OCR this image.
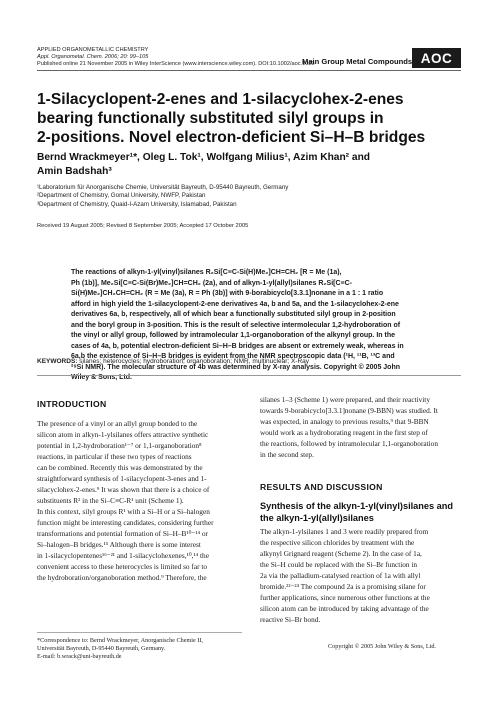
APPLIED ORGANOMETALLIC CHEMISTRY
Appl. Organometal. Chem. 2006; 20: 99–105
Published online 21 November 2005 in Wiley InterScience (www.interscience.wiley.com). DOI:10.1002/aoc.1020
Main Group Metal Compounds AOC
1-Silacyclopent-2-enes and 1-silacyclohex-2-enes
bearing functionally substituted silyl groups in
2-positions. Novel electron-deficient Si–H–B bridges
Bernd Wrackmeyer¹*, Oleg L. Tok¹, Wolfgang Milius¹, Azim Khan² and
Amin Badshah³
¹Laboratorium für Anorganische Chemie, Universität Bayreuth, D-95440 Bayreuth, Germany
²Department of Chemistry, Gomal University, NWFP, Pakistan
³Department of Chemistry, Quaid-I-Azam University, Islamabad, Pakistan
Received 19 August 2005; Revised 8 September 2005; Accepted 17 October 2005
The reactions of alkyn-1-yl(vinyl)silanes R₂Si[C≡C-Si(H)Me₂]CH=CH₂ [R = Me (1a),
Ph (1b)], Me₂Si[C≡C-Si(Br)Me₂]CH=CH₂ (2a), and of alkyn-1-yl(allyl)silanes R₂Si[C≡C-
Si(H)Me₂]CH₂CH=CH₂ (R = Me (3a), R = Ph (3b)] with 9-borabicyclo[3.3.1]nonane in a 1 : 1 ratio
afford in high yield the 1-silacyclopent-2-ene derivatives 4a, b and 5a, and the 1-silacyclohex-2-ene
derivatives 6a, b, respectively, all of which bear a functionally substituted silyl group in 2-position
and the boryl group in 3-position. This is the result of selective intermolecular 1,2-hydroboration of
the vinyl or allyl group, followed by intramolecular 1,1-organoboration of the alkynyl group. In the
cases of 4a, b, potential electron-deficient Si–H–B bridges are absent or extremely weak, whereas in
6a,b the existence of Si–H–B bridges is evident from the NMR spectroscopic data (¹H, ¹¹B, ¹³C and
²⁹Si NMR). The molecular structure of 4b was determined by X-ray analysis. Copyright © 2005 John
Wiley & Sons, Ltd.
KEYWORDS: silanes; heterocycles; hydroboration; organoboration; NMR, multinuclear; X-Ray
INTRODUCTION
The presence of a vinyl or an allyl group bonded to the
silicon atom in alkyn-1-ylsilanes offers attractive synthetic
potential in 1,2-hydroboration¹⁻⁷ or 1,1-organoboration⁸
reactions, in particular if these two types of reactions
can be combined. Recently this was demonstrated by the
straightforward synthesis of 1-silacyclopent-3-enes and 1-
silacyclohex-2-enes.⁹ It was shown that there is a choice of
substituents R² in the Si–C≡C-R¹ unit (Scheme 1).
In this context, silyl groups R¹ with a Si–H or a Si–halogen
function might be interesting candidates, considering further
transformations and potential formation of Si–H–B¹⁰⁻¹⁴ or
Si–halogen–B bridges.¹⁵ Although there is some interest
in 1-silacyclopentenes¹⁶⁻²¹ and 1-silacyclohexenes,¹⁰,¹⁴ the
convenient access to these heterocycles is limited so far to
the hydroboration/organoboration method.⁹ Therefore, the
*Correspondence to: Bernd Wrackmeyer, Anorganische Chemie II,
Universität Bayreuth, D-95440 Bayreuth, Germany.
E-mail: b.wrack@uni-bayreuth.de
silanes 1–3 (Scheme 1) were prepared, and their reactivity
towards 9-borabicyclo[3.3.1]nonane (9-BBN) was studied. It
was expected, in analogy to previous results,⁹ that 9-BBN
would work as a hydroborating reagent in the first step of
the reactions, followed by intramolecular 1,1-organoboration
in the second step.
RESULTS AND DISCUSSION
Synthesis of the alkyn-1-yl(vinyl)silanes and
the alkyn-1-yl(allyl)silanes
The alkyn-1-ylsilanes 1 and 3 were readily prepared from
the respective silicon chlorides by treatment with the
alkynyl Grignard reagent (Scheme 2). In the case of 1a,
the Si–H could be replaced with the Si–Br function in
2a via the palladium-catalysed reaction of 1a with allyl
bromide.²²⁻²⁴ The compound 2a is a promising silane for
further applications, since numerous other functions at the
silicon atom can be introduced by taking advantage of the
reactive Si–Br bond.
Copyright © 2005 John Wiley & Sons, Ltd.
